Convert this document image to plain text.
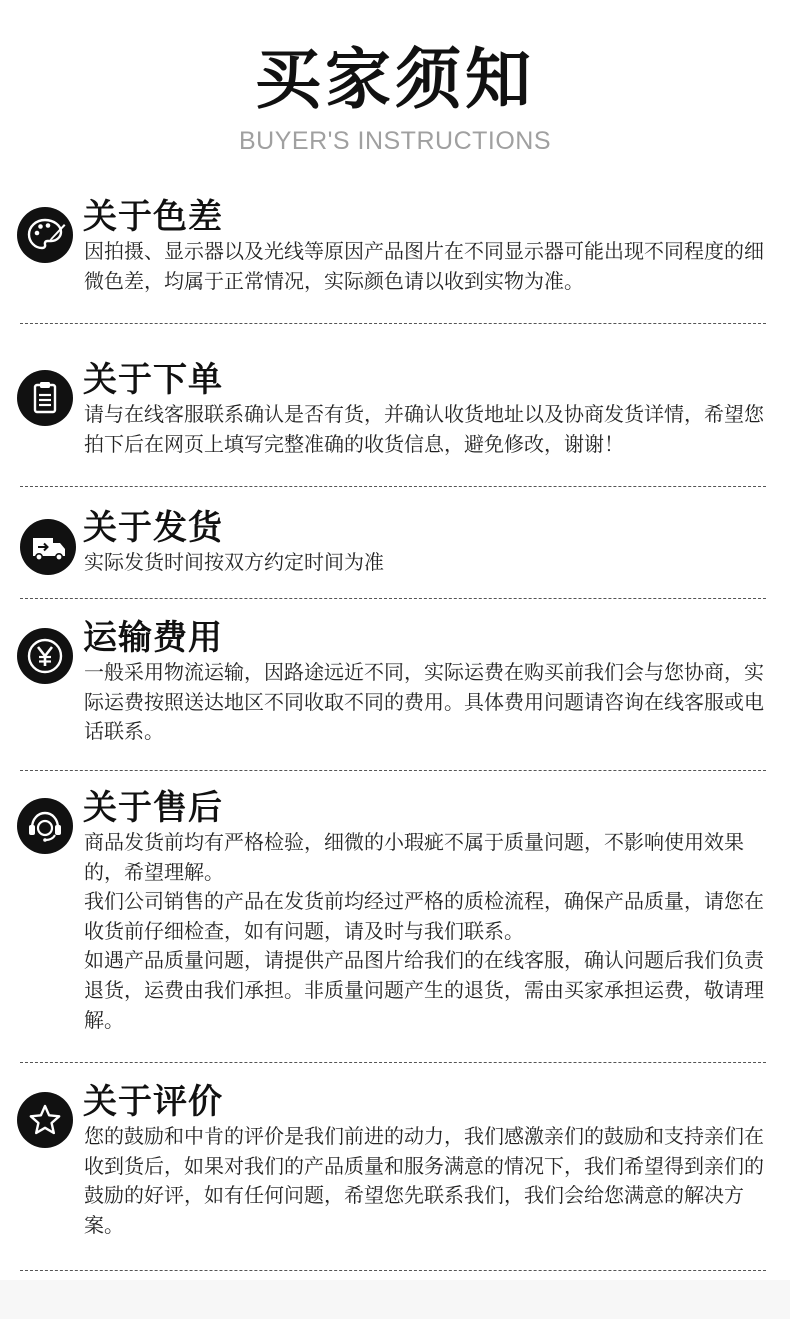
买家须知
BUYER'S INSTRUCTIONS
关于色差

因拍摄、显示器以及光线等原因产品图片在不同显示器可能出现不同程度的细微色差，均属于正常情况，实际颜色请以收到实物为准。

关于下单

请与在线客服联系确认是否有货，并确认收货地址以及协商发货详情，希望您拍下后在网页上填写完整准确的收货信息，避免修改，谢谢！

关于发货

实际发货时间按双方约定时间为准

运输费用

一般采用物流运输，因路途远近不同，实际运费在购买前我们会与您协商，实际运费按照送达地区不同收取不同的费用。具体费用问题请咨询在线客服或电话联系。

关于售后

商品发货前均有严格检验，细微的小瑕疵不属于质量问题，不影响使用效果的，希望理解。

我们公司销售的产品在发货前均经过严格的质检流程，确保产品质量，请您在收货前仔细检查，如有问题，请及时与我们联系。

如遇产品质量问题，请提供产品图片给我们的在线客服，确认问题后我们负责退货，运费由我们承担。非质量问题产生的退货，需由买家承担运费，敬请理解。

关于评价

您的鼓励和中肯的评价是我们前进的动力，我们感激亲们的鼓励和支持亲们在收到货后，如果对我们的产品质量和服务满意的情况下，我们希望得到亲们的鼓励的好评，如有任何问题，希望您先联系我们，我们会给您满意的解决方案。
